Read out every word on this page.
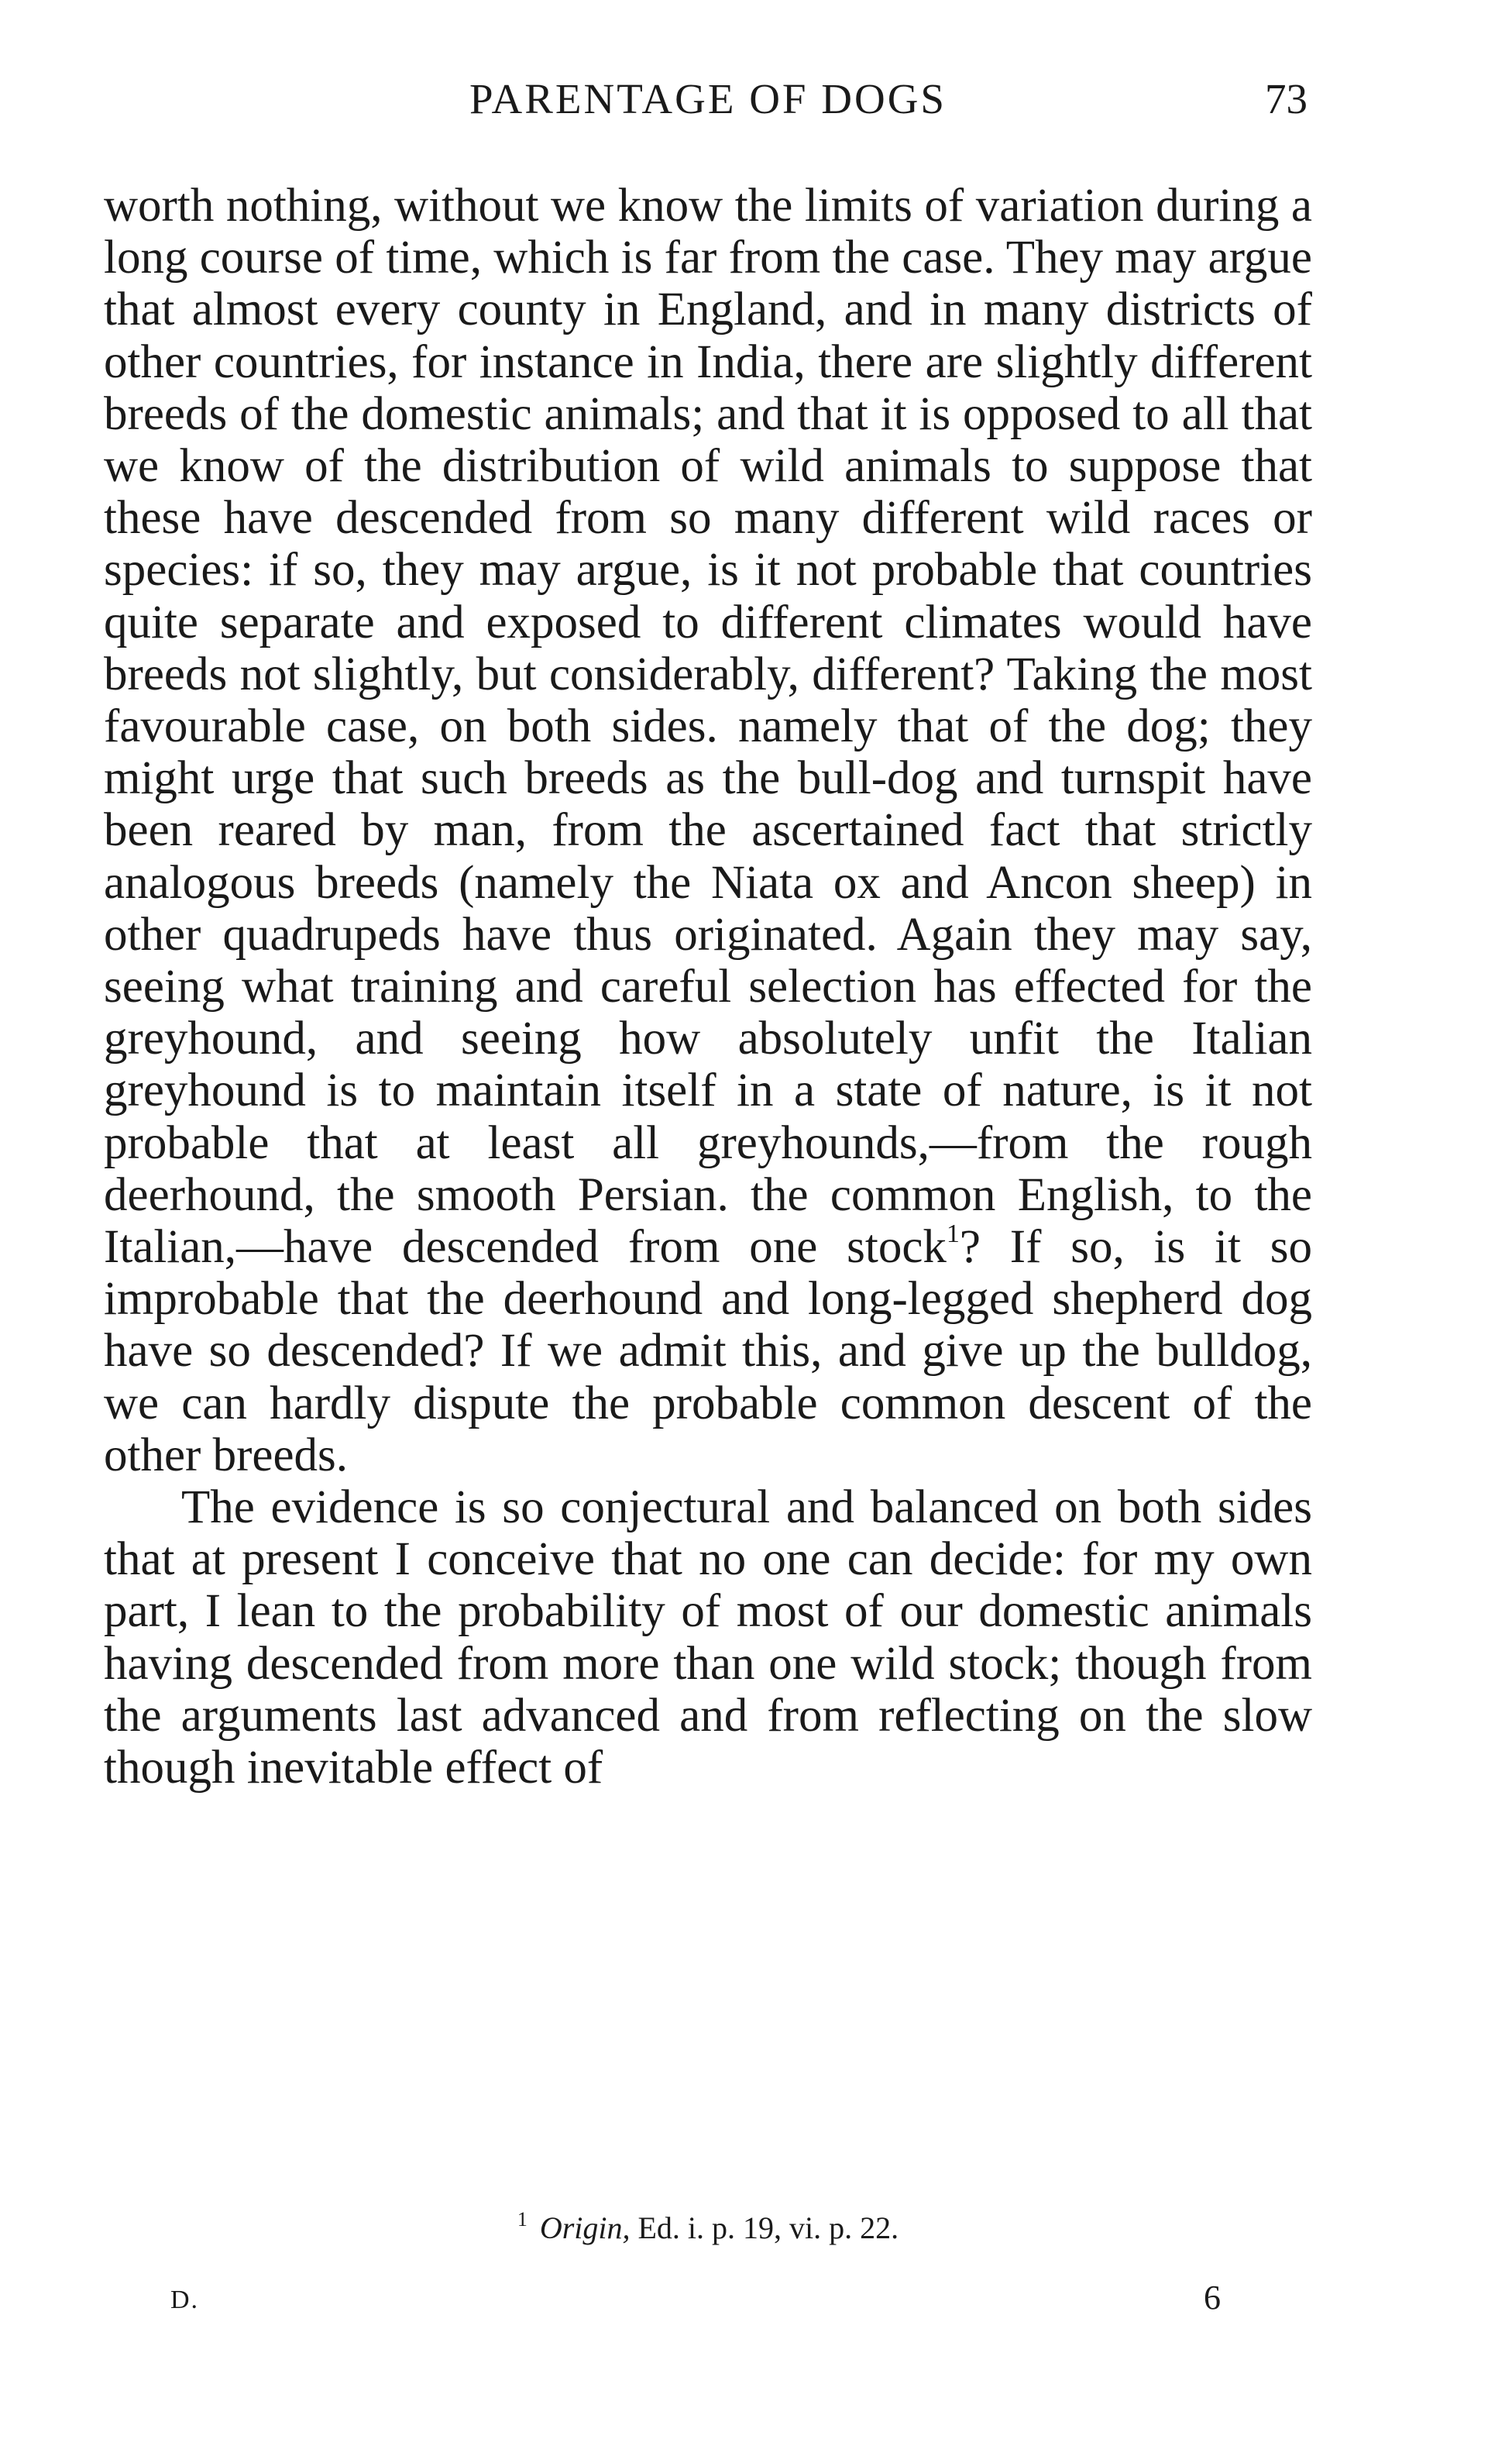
PARENTAGE OF DOGS	73

worth nothing, without we know the limits of variation during a long course of time, which is far from the case. They may argue that almost every county in England, and in many districts of other countries, for instance in India, there are slightly different breeds of the domestic animals; and that it is opposed to all that we know of the distribution of wild animals to suppose that these have descended from so many different wild races or species: if so, they may argue, is it not probable that countries quite separate and exposed to different climates would have breeds not slightly, but considerably, different? Taking the most favourable case, on both sides. namely that of the dog; they might urge that such breeds as the bull-dog and turnspit have been reared by man, from the ascertained fact that strictly analogous breeds (namely the Niata ox and Ancon sheep) in other quadrupeds have thus originated. Again they may say, seeing what training and careful selection has effected for the greyhound, and seeing how absolutely unfit the Italian greyhound is to maintain itself in a state of nature, is it not probable that at least all greyhounds,—from the rough deerhound, the smooth Persian. the common English, to the Italian,—have descended from one stock$^1$? If so, is it so improbable that the deerhound and long-legged shepherd dog have so descended? If we admit this, and give up the bulldog, we can hardly dispute the probable common descent of the other breeds.

The evidence is so conjectural and balanced on both sides that at present I conceive that no one can decide: for my own part, I lean to the probability of most of our domestic animals having descended from more than one wild stock; though from the arguments last advanced and from reflecting on the slow though inevitable effect of

$^1$ Origin, Ed. i. p. 19, vi. p. 22.
D.	6
